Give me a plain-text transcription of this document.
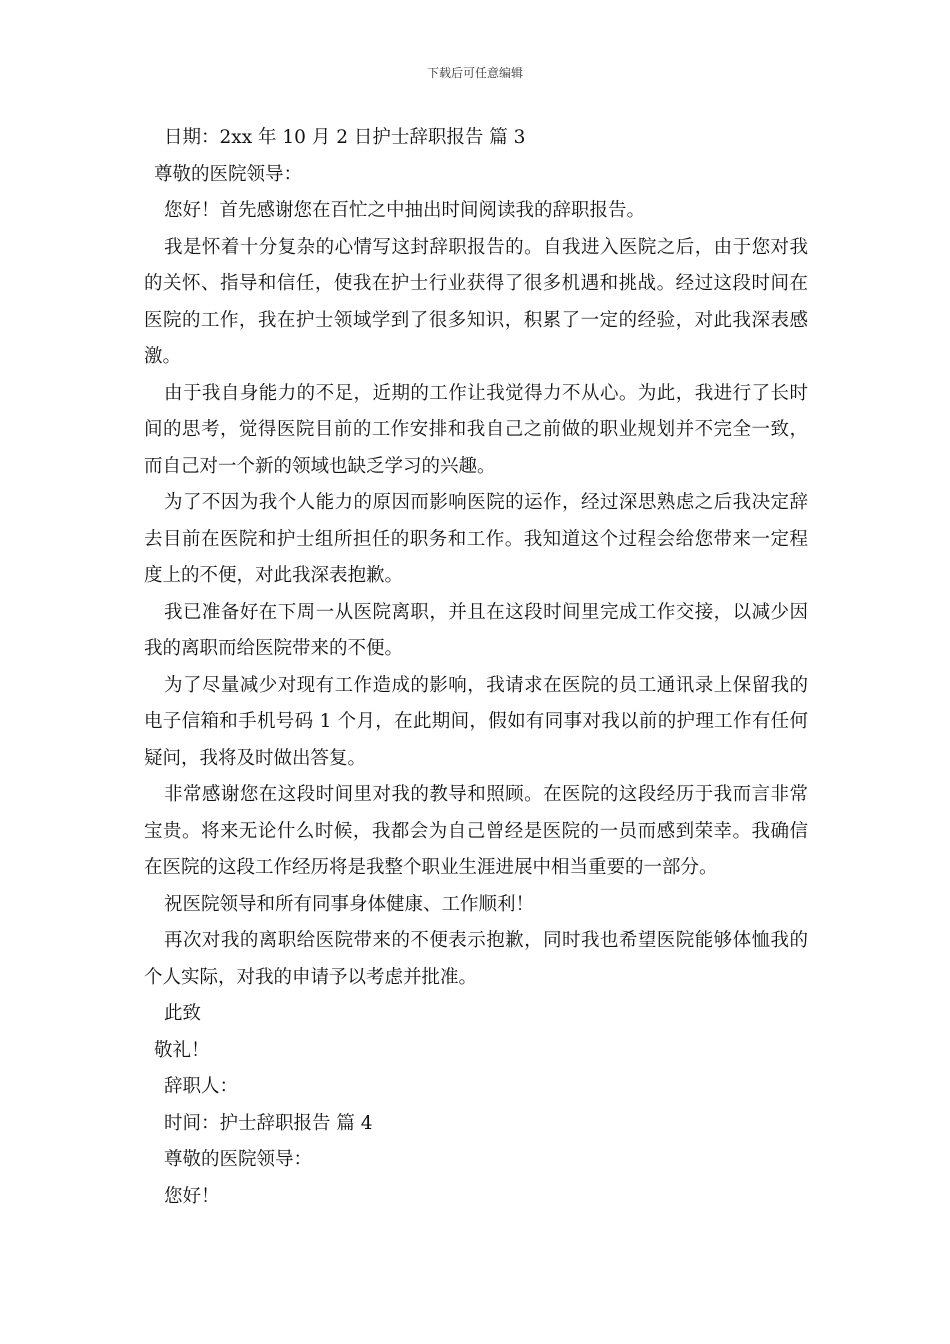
下载后可任意编辑
日期：2xx 年 10 月 2 日护士辞职报告 篇 3
尊敬的医院领导：
您好！首先感谢您在百忙之中抽出时间阅读我的辞职报告。
我是怀着十分复杂的心情写这封辞职报告的。自我进入医院之后，由于您对我的关怀、指导和信任，使我在护士行业获得了很多机遇和挑战。经过这段时间在医院的工作，我在护士领域学到了很多知识，积累了一定的经验，对此我深表感激。
由于我自身能力的不足，近期的工作让我觉得力不从心。为此，我进行了长时间的思考，觉得医院目前的工作安排和我自己之前做的职业规划并不完全一致，而自己对一个新的领域也缺乏学习的兴趣。
为了不因为我个人能力的原因而影响医院的运作，经过深思熟虑之后我决定辞去目前在医院和护士组所担任的职务和工作。我知道这个过程会给您带来一定程度上的不便，对此我深表抱歉。
我已准备好在下周一从医院离职，并且在这段时间里完成工作交接，以减少因我的离职而给医院带来的不便。
为了尽量减少对现有工作造成的影响，我请求在医院的员工通讯录上保留我的电子信箱和手机号码 1 个月，在此期间，假如有同事对我以前的护理工作有任何疑问，我将及时做出答复。
非常感谢您在这段时间里对我的教导和照顾。在医院的这段经历于我而言非常宝贵。将来无论什么时候，我都会为自己曾经是医院的一员而感到荣幸。我确信在医院的这段工作经历将是我整个职业生涯进展中相当重要的一部分。
祝医院领导和所有同事身体健康、工作顺利！
再次对我的离职给医院带来的不便表示抱歉，同时我也希望医院能够体恤我的个人实际，对我的申请予以考虑并批准。
此致
敬礼！
辞职人：
时间：护士辞职报告 篇 4
尊敬的医院领导：
您好！
